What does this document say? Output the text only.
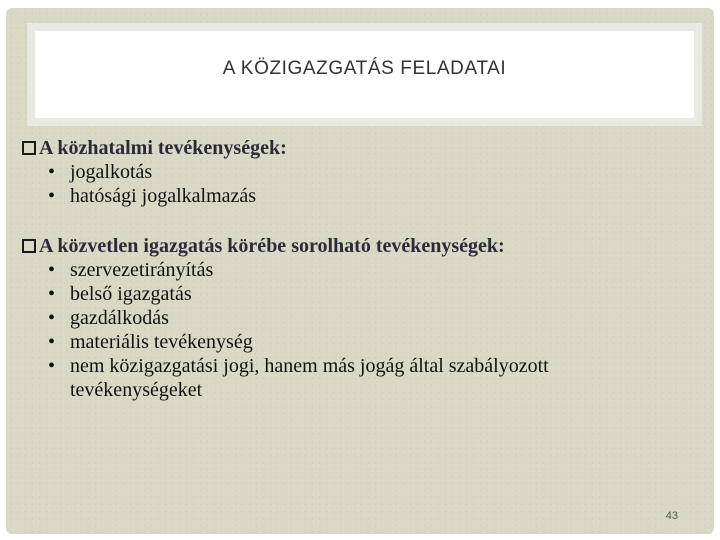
A KÖZIGAZGATÁS FELADATAI
A közhatalmi tevékenységek:
• jogalkotás
• hatósági jogalkalmazás
A közvetlen igazgatás körébe sorolható tevékenységek:
• szervezetirányítás
• belső igazgatás
• gazdálkodás
• materiális tevékenység
• nem közigazgatási jogi, hanem más jogág által szabályozott tevékenységeket
43
